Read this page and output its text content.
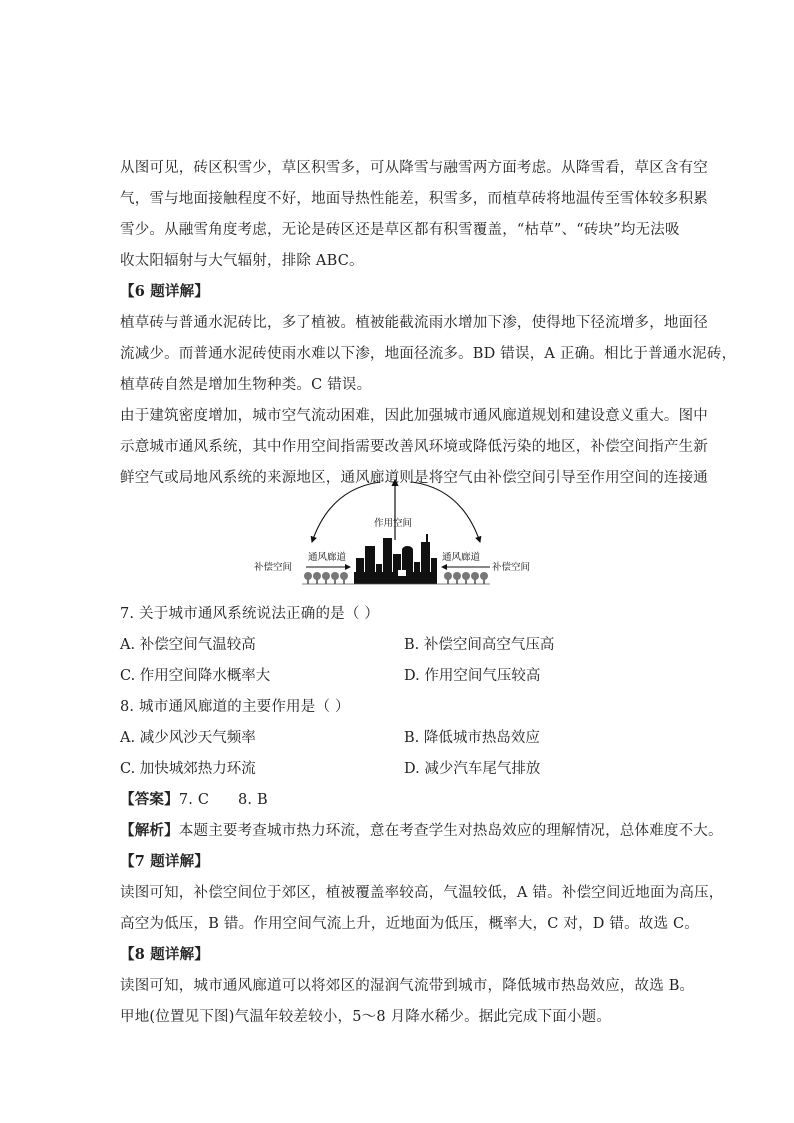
从图可见，砖区积雪少，草区积雪多，可从降雪与融雪两方面考虑。从降雪看，草区含有空
气，雪与地面接触程度不好，地面导热性能差，积雪多，而植草砖将地温传至雪体较多积累
雪少。从融雪角度考虑，无论是砖区还是草区都有积雪覆盖，“枯草”、“砖块”均无法吸
收太阳辐射与大气辐射，排除 ABC。
【6 题详解】
植草砖与普通水泥砖比，多了植被。植被能截流雨水增加下渗，使得地下径流增多，地面径
流减少。而普通水泥砖使雨水难以下渗，地面径流多。BD 错误，A 正确。相比于普通水泥砖，
植草砖自然是增加生物种类。C 错误。
由于建筑密度增加，城市空气流动困难，因此加强城市通风廊道规划和建设意义重大。图中
示意城市通风系统，其中作用空间指需要改善风环境或降低污染的地区，补偿空间指产生新
鲜空气或局地风系统的来源地区，通风廊道则是将空气由补偿空间引导至作用空间的连接通
作用空间
通风廊道	通风廊道
补偿空间	补偿空间
7. 关于城市通风系统说法正确的是（ ）
A. 补偿空间气温较高	B. 补偿空间高空气压高
C. 作用空间降水概率大	D. 作用空间气压较高
8. 城市通风廊道的主要作用是（ ）
A. 减少风沙天气频率	B. 降低城市热岛效应
C. 加快城郊热力环流	D. 减少汽车尾气排放
【答案】7. C      8. B
【解析】本题主要考查城市热力环流，意在考查学生对热岛效应的理解情况，总体难度不大。
【7 题详解】
读图可知，补偿空间位于郊区，植被覆盖率较高，气温较低，A 错。补偿空间近地面为高压，
高空为低压，B 错。作用空间气流上升，近地面为低压，概率大，C 对，D 错。故选 C。
【8 题详解】
读图可知，城市通风廊道可以将郊区的湿润气流带到城市，降低城市热岛效应，故选 B。
甲地(位置见下图)气温年较差较小，5～8 月降水稀少。据此完成下面小题。
